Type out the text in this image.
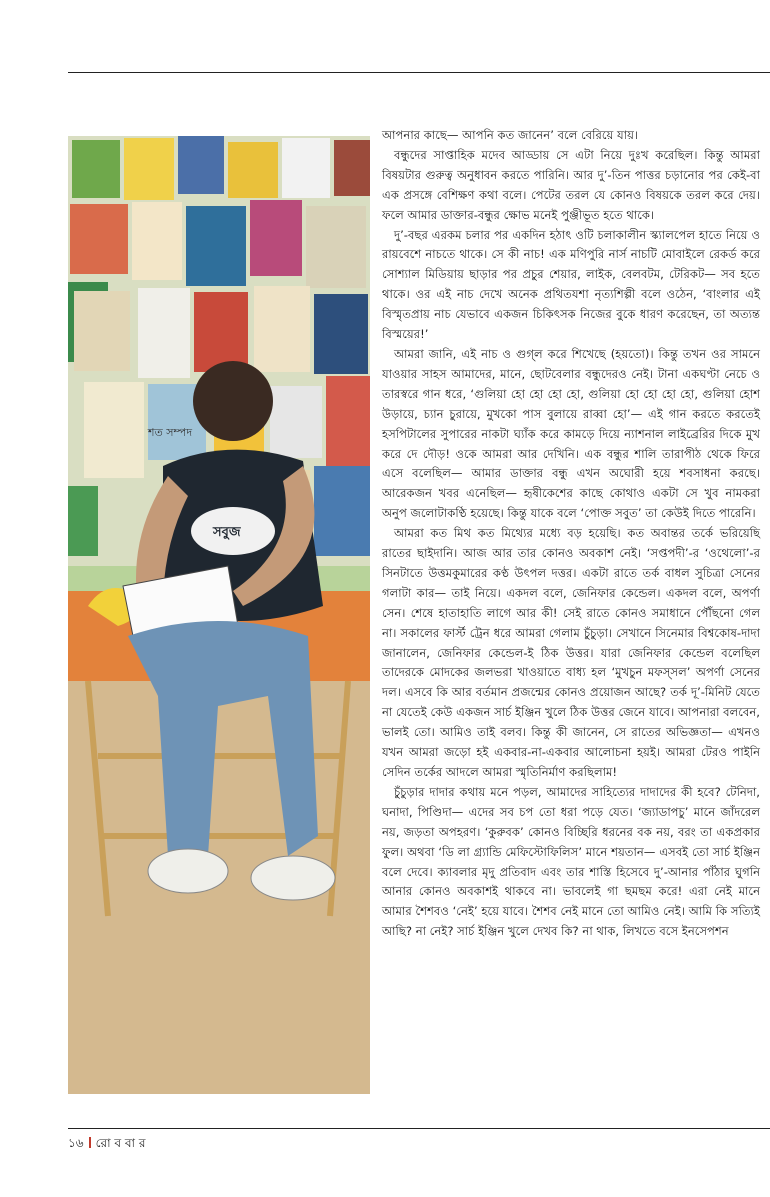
শত সম্পদ
সবুজ

আপনার কাছে— আপনি কত জানেন’ বলে বেরিয়ে যায়।

বন্ধুদের সাপ্তাহিক মদেব আড্ডায় সে এটা নিয়ে দুঃখ করেছিল। কিন্তু আমরা বিষয়টার গুরুত্ব অনুধাবন করতে পারিনি। আর দু’-তিন পাত্তর চড়ানোর পর কেই-বা এক প্রসঙ্গে বেশিক্ষণ কথা বলে। পেটের তরল যে কোনও বিষয়কে তরল করে দেয়। ফলে আমার ডাক্তার-বন্ধুর ক্ষোভ মনেই পুঞ্জীভূত হতে থাকে।

দু’-বছর এরকম চলার পর একদিন হঠাৎ ওটি চলাকালীন স্ক্যালপেল হাতে নিয়ে ও রায়বেশে নাচতে থাকে। সে কী নাচ! এক মণিপুরি নার্স নাচটি মোবাইলে রেকর্ড করে সোশ্যাল মিডিয়ায় ছাড়ার পর প্রচুর শেয়ার, লাইক, বেলবটম, টেরিকট— সব হতে থাকে। ওর এই নাচ দেখে অনেক প্রথিতযশা নৃত্যশিল্পী বলে ওঠেন, ‘বাংলার এই বিস্মৃতপ্রায় নাচ যেভাবে একজন চিকিৎসক নিজের বুকে ধারণ করেছেন, তা অত্যন্ত বিস্ময়ের!’

আমরা জানি, এই নাচ ও গুগ্‌ল করে শিখেছে (হয়তো)। কিন্তু তখন ওর সামনে যাওয়ার সাহস আমাদের, মানে, ছোটবেলার বন্ধুদেরও নেই। টানা একঘণ্টা নেচে ও তারস্বরে গান ধরে, ‘গুলিয়া হো হো হো হো, গুলিয়া হো হো হো হো, গুলিয়া হোশ উড়ায়ে, চ্যান চুরায়ে, মুখকো পাস বুলায়ে রাব্বা হো’— এই গান করতে করতেই হসপিটালের সুপারের নাকটা ঘ্যাঁক করে কামড়ে দিয়ে ন্যাশনাল লাইব্রেরির দিকে মুখ করে দে দৌড়! ওকে আমরা আর দেখিনি। এক বন্ধুর শালি তারাপীঠ থেকে ফিরে এসে বলেছিল— আমার ডাক্তার বন্ধু এখন অঘোরী হয়ে শবসাধনা করছে। আরেকজন খবর এনেছিল— হৃষীকেশের কাছে কোথাও একটা সে খুব নামকরা অনুপ জলোটাকণ্ঠি হয়েছে। কিন্তু যাকে বলে ‘পোক্ত সবুত’ তা কেউই দিতে পারেনি।

আমরা কত মিথ কত মিথ্যের মধ্যে বড় হয়েছি। কত অবান্তর তর্কে ভরিয়েছি রাতের ছাইদানি। আজ আর তার কোনও অবকাশ নেই। ‘সপ্তপদী’-র ‘ওথেলো’-র সিনটাতে উত্তমকুমারের কণ্ঠ উৎপল দত্তর। একটা রাতে তর্ক বাধল সুচিত্রা সেনের গলাটা কার— তাই নিয়ে। একদল বলে, জেনিফার কেন্ডেল। একদল বলে, অপর্ণা সেন। শেষে হাতাহাতি লাগে আর কী! সেই রাতে কোনও সমাধানে পৌঁছনো গেল না। সকালের ফার্স্ট ট্রেন ধরে আমরা গেলাম চুঁচুড়া। সেখানে সিনেমার বিশ্বকোষ-দাদা জানালেন, জেনিফার কেন্ডেল-ই ঠিক উত্তর। যারা জেনিফার কেন্ডেল বলেছিল তাদেরকে মোদকের জলভরা খাওয়াতে বাধ্য হল ‘মুখচুন মফস্‌সল’ অপর্ণা সেনের দল। এসবে কি আর বর্তমান প্রজন্মের কোনও প্রয়োজন আছে? তর্ক দূ’-মিনিট যেতে না যেতেই কেউ একজন সার্চ ইঞ্জিন খুলে ঠিক উত্তর জেনে যাবে। আপনারা বলবেন, ভালই তো। আমিও তাই বলব। কিন্তু কী জানেন, সে রাতের অভিজ্ঞতা— এখনও যখন আমরা জড়ো হই একবার-না-একবার আলোচনা হয়ই। আমরা টেরও পাইনি সেদিন তর্কের আদলে আমরা স্মৃতিনির্মাণ করছিলাম!

চুঁচুড়ার দাদার কথায় মনে পড়ল, আমাদের সাহিত্যের দাদাদের কী হবে? টেনিদা, ঘনাদা, পিণ্ডিদা— এদের সব চপ তো ধরা পড়ে যেত। ‘জ্যাডাপচু’ মানে জাঁদরেল নয়, জড়তা অপহরণ। ‘কুরুবক’ কোনও বিচ্ছিরি ধরনের বক নয়, বরং তা একপ্রকার ফুল। অথবা ‘ডি লা গ্র্যান্ডি মেফিস্টোফিলিস’ মানে শয়তান— এসবই তো সার্চ ইঞ্জিন বলে দেবে। ক্যাবলার মৃদু প্রতিবাদ এবং তার শাস্তি হিসেবে দু’-আনার পাঁঠার ঘুগনি আনার কোনও অবকাশই থাকবে না। ভাবলেই গা ছমছম করে! এরা নেই মানে আমার শৈশবও ‘নেই’ হয়ে যাবে। শৈশব নেই মানে তো আমিও নেই। আমি কি সত্যিই আছি? না নেই? সার্চ ইঞ্জিন খুলে দেখব কি? না থাক, লিখতে বসে ইনসেপশন

১৬ রো ব বা র
